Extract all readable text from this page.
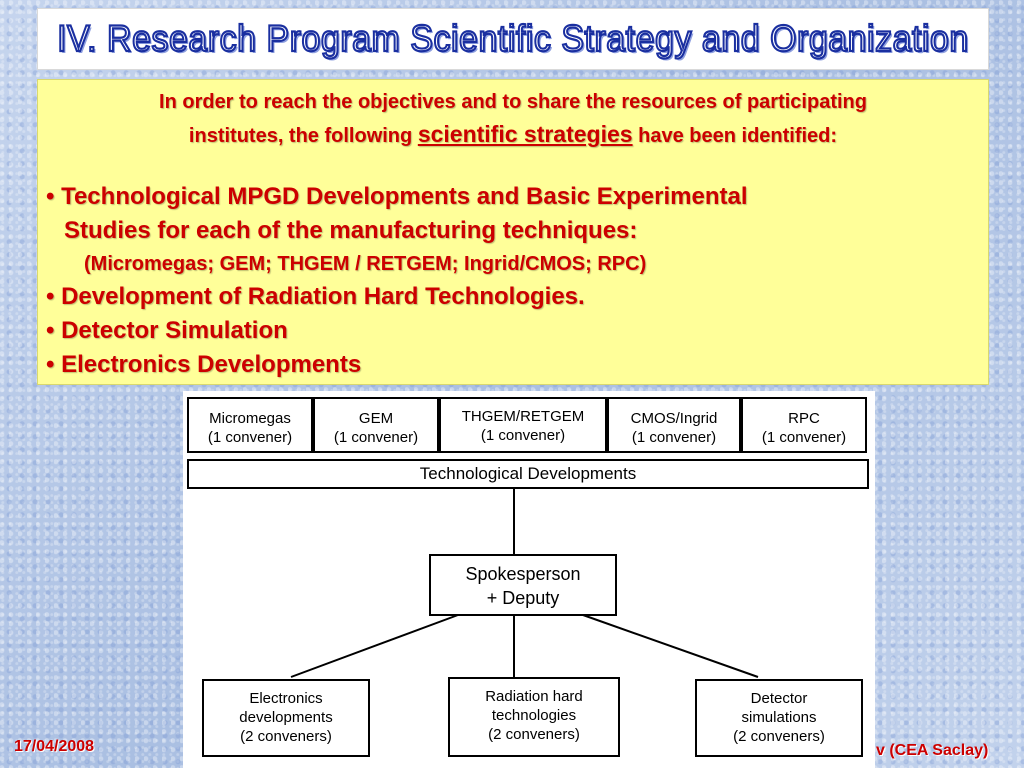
IV. Research Program Scientific Strategy and Organization
In order to reach the objectives and to share the resources of participating
institutes, the following scientific strategies have been identified:
• Technological MPGD Developments and Basic Experimental
Studies for each of the manufacturing techniques:
(Micromegas; GEM; THGEM / RETGEM; Ingrid/CMOS; RPC)
• Development of Radiation Hard Technologies.
• Detector Simulation
• Electronics Developments
Micromegas
(1 convener)
GEM
(1 convener)
THGEM/RETGEM
(1 convener)
CMOS/Ingrid
(1 convener)
RPC
(1 convener)
Technological Developments
Spokesperson
+ Deputy
Electronics
developments
(2 conveners)
Radiation hard
technologies
(2 conveners)
Detector
simulations
(2 conveners)
17/04/2008	v (CEA Saclay)
